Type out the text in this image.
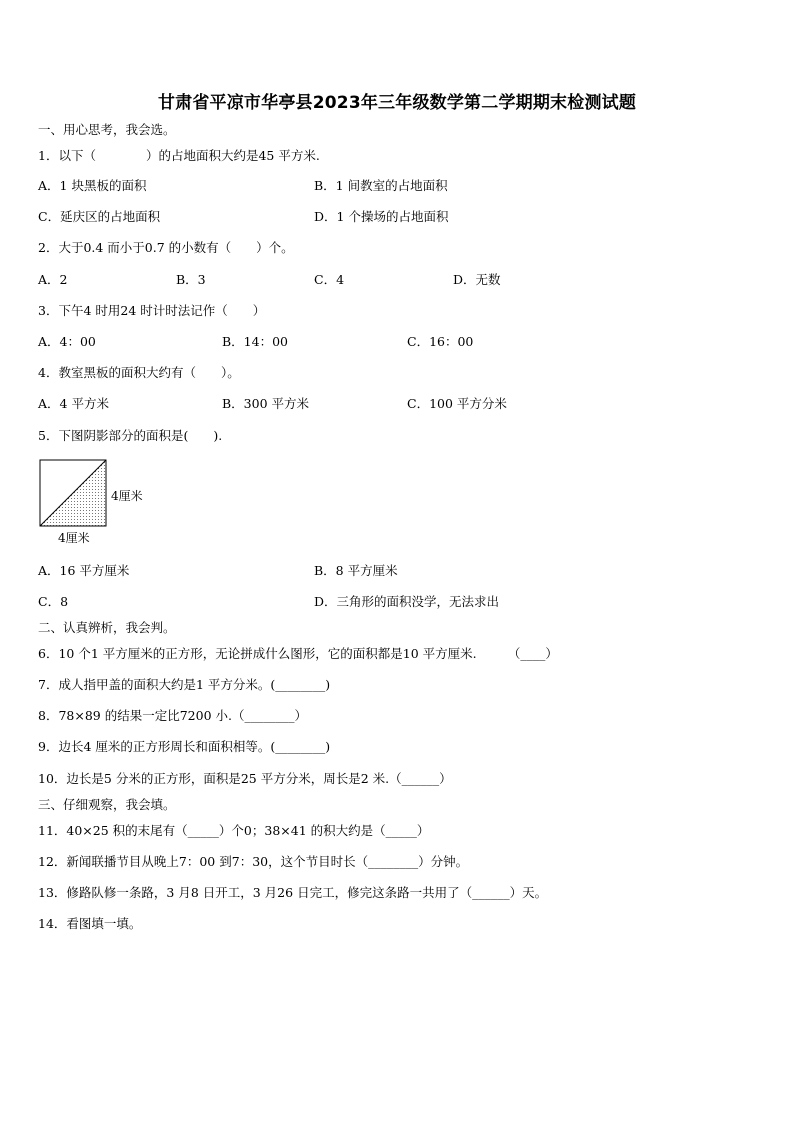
甘肃省平凉市华亭县2023年三年级数学第二学期期末检测试题
一、用心思考，我会选。
1．以下（　　　　）的占地面积大约是45 平方米.
A．1 块黑板的面积	B．1 间教室的占地面积
C．延庆区的占地面积	D．1 个操场的占地面积
2．大于0.4 而小于0.7 的小数有（　　）个。
A．2	B．3	C．4	D．无数
3．下午4 时用24 时计时法记作（　　）
A．4：00	B．14：00	C．16：00
4．教室黑板的面积大约有（　　）。
A．4 平方米	B．300 平方米	C．100 平方分米
5．下图阴影部分的面积是(　　).
4厘米
4厘米
A．16 平方厘米	B．8 平方厘米
C．8	D．三角形的面积没学，无法求出
二、认真辨析，我会判。
6．10 个1 平方厘米的正方形，无论拼成什么图形，它的面积都是10 平方厘米.　　　（____）
7．成人指甲盖的面积大约是1 平方分米。(________)
8．78×89 的结果一定比7200 小.（________）
9．边长4 厘米的正方形周长和面积相等。(________)
10．边长是5 分米的正方形，面积是25 平方分米，周长是2 米.（______）
三、仔细观察，我会填。
11．40×25 积的末尾有（_____）个0；38×41 的积大约是（_____）
12．新闻联播节目从晚上7：00 到7：30，这个节目时长（________）分钟。
13．修路队修一条路，3 月8 日开工，3 月26 日完工，修完这条路一共用了（______）天。
14．看图填一填。
